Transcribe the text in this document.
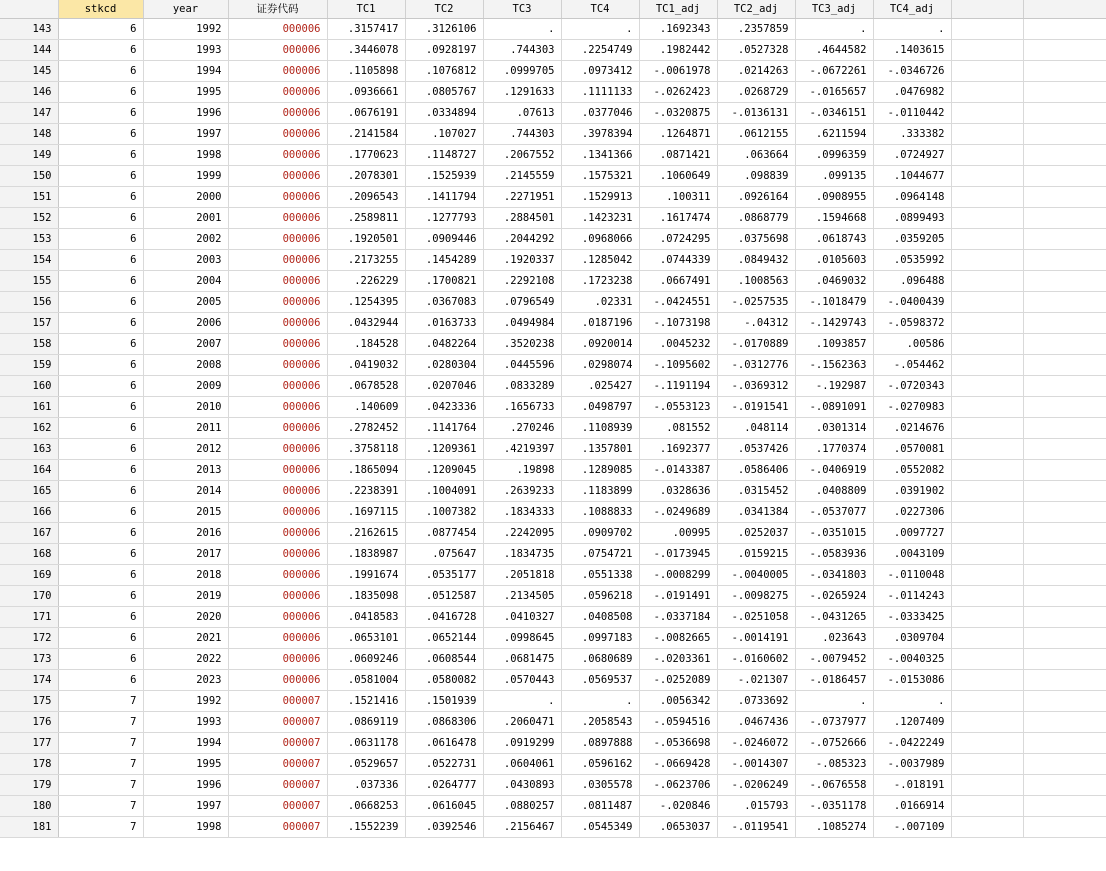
	stkcd	year	证券代码	TC1	TC2	TC3	TC4	TC1_adj	TC2_adj	TC3_adj	TC4_adj		
143	6	1992	000006	.3157417	.3126106	.	.	.1692343	.2357859	.	.		
144	6	1993	000006	.3446078	.0928197	.744303	.2254749	.1982442	.0527328	.4644582	.1403615		
145	6	1994	000006	.1105898	.1076812	.0999705	.0973412	-.0061978	.0214263	-.0672261	-.0346726		
146	6	1995	000006	.0936661	.0805767	.1291633	.1111133	-.0262423	.0268729	-.0165657	.0476982		
147	6	1996	000006	.0676191	.0334894	.07613	.0377046	-.0320875	-.0136131	-.0346151	-.0110442		
148	6	1997	000006	.2141584	.107027	.744303	.3978394	.1264871	.0612155	.6211594	.333382		
149	6	1998	000006	.1770623	.1148727	.2067552	.1341366	.0871421	.063664	.0996359	.0724927		
150	6	1999	000006	.2078301	.1525939	.2145559	.1575321	.1060649	.098839	.099135	.1044677		
151	6	2000	000006	.2096543	.1411794	.2271951	.1529913	.100311	.0926164	.0908955	.0964148		
152	6	2001	000006	.2589811	.1277793	.2884501	.1423231	.1617474	.0868779	.1594668	.0899493		
153	6	2002	000006	.1920501	.0909446	.2044292	.0968066	.0724295	.0375698	.0618743	.0359205		
154	6	2003	000006	.2173255	.1454289	.1920337	.1285042	.0744339	.0849432	.0105603	.0535992		
155	6	2004	000006	.226229	.1700821	.2292108	.1723238	.0667491	.1008563	.0469032	.096488		
156	6	2005	000006	.1254395	.0367083	.0796549	.02331	-.0424551	-.0257535	-.1018479	-.0400439		
157	6	2006	000006	.0432944	.0163733	.0494984	.0187196	-.1073198	-.04312	-.1429743	-.0598372		
158	6	2007	000006	.184528	.0482264	.3520238	.0920014	.0045232	-.0170889	.1093857	.00586		
159	6	2008	000006	.0419032	.0280304	.0445596	.0298074	-.1095602	-.0312776	-.1562363	-.054462		
160	6	2009	000006	.0678528	.0207046	.0833289	.025427	-.1191194	-.0369312	-.192987	-.0720343		
161	6	2010	000006	.140609	.0423336	.1656733	.0498797	-.0553123	-.0191541	-.0891091	-.0270983		
162	6	2011	000006	.2782452	.1141764	.270246	.1108939	.081552	.048114	.0301314	.0214676		
163	6	2012	000006	.3758118	.1209361	.4219397	.1357801	.1692377	.0537426	.1770374	.0570081		
164	6	2013	000006	.1865094	.1209045	.19898	.1289085	-.0143387	.0586406	-.0406919	.0552082		
165	6	2014	000006	.2238391	.1004091	.2639233	.1183899	.0328636	.0315452	.0408809	.0391902		
166	6	2015	000006	.1697115	.1007382	.1834333	.1088833	-.0249689	.0341384	-.0537077	.0227306		
167	6	2016	000006	.2162615	.0877454	.2242095	.0909702	.00995	.0252037	-.0351015	.0097727		
168	6	2017	000006	.1838987	.075647	.1834735	.0754721	-.0173945	.0159215	-.0583936	.0043109		
169	6	2018	000006	.1991674	.0535177	.2051818	.0551338	-.0008299	-.0040005	-.0341803	-.0110048		
170	6	2019	000006	.1835098	.0512587	.2134505	.0596218	-.0191491	-.0098275	-.0265924	-.0114243		
171	6	2020	000006	.0418583	.0416728	.0410327	.0408508	-.0337184	-.0251058	-.0431265	-.0333425		
172	6	2021	000006	.0653101	.0652144	.0998645	.0997183	-.0082665	-.0014191	.023643	.0309704		
173	6	2022	000006	.0609246	.0608544	.0681475	.0680689	-.0203361	-.0160602	-.0079452	-.0040325		
174	6	2023	000006	.0581004	.0580082	.0570443	.0569537	-.0252089	-.021307	-.0186457	-.0153086		
175	7	1992	000007	.1521416	.1501939	.	.	.0056342	.0733692	.	.		
176	7	1993	000007	.0869119	.0868306	.2060471	.2058543	-.0594516	.0467436	-.0737977	.1207409		
177	7	1994	000007	.0631178	.0616478	.0919299	.0897888	-.0536698	-.0246072	-.0752666	-.0422249		
178	7	1995	000007	.0529657	.0522731	.0604061	.0596162	-.0669428	-.0014307	-.085323	-.0037989		
179	7	1996	000007	.037336	.0264777	.0430893	.0305578	-.0623706	-.0206249	-.0676558	-.018191		
180	7	1997	000007	.0668253	.0616045	.0880257	.0811487	-.020846	.015793	-.0351178	.0166914		
181	7	1998	000007	.1552239	.0392546	.2156467	.0545349	.0653037	-.0119541	.1085274	-.007109		
